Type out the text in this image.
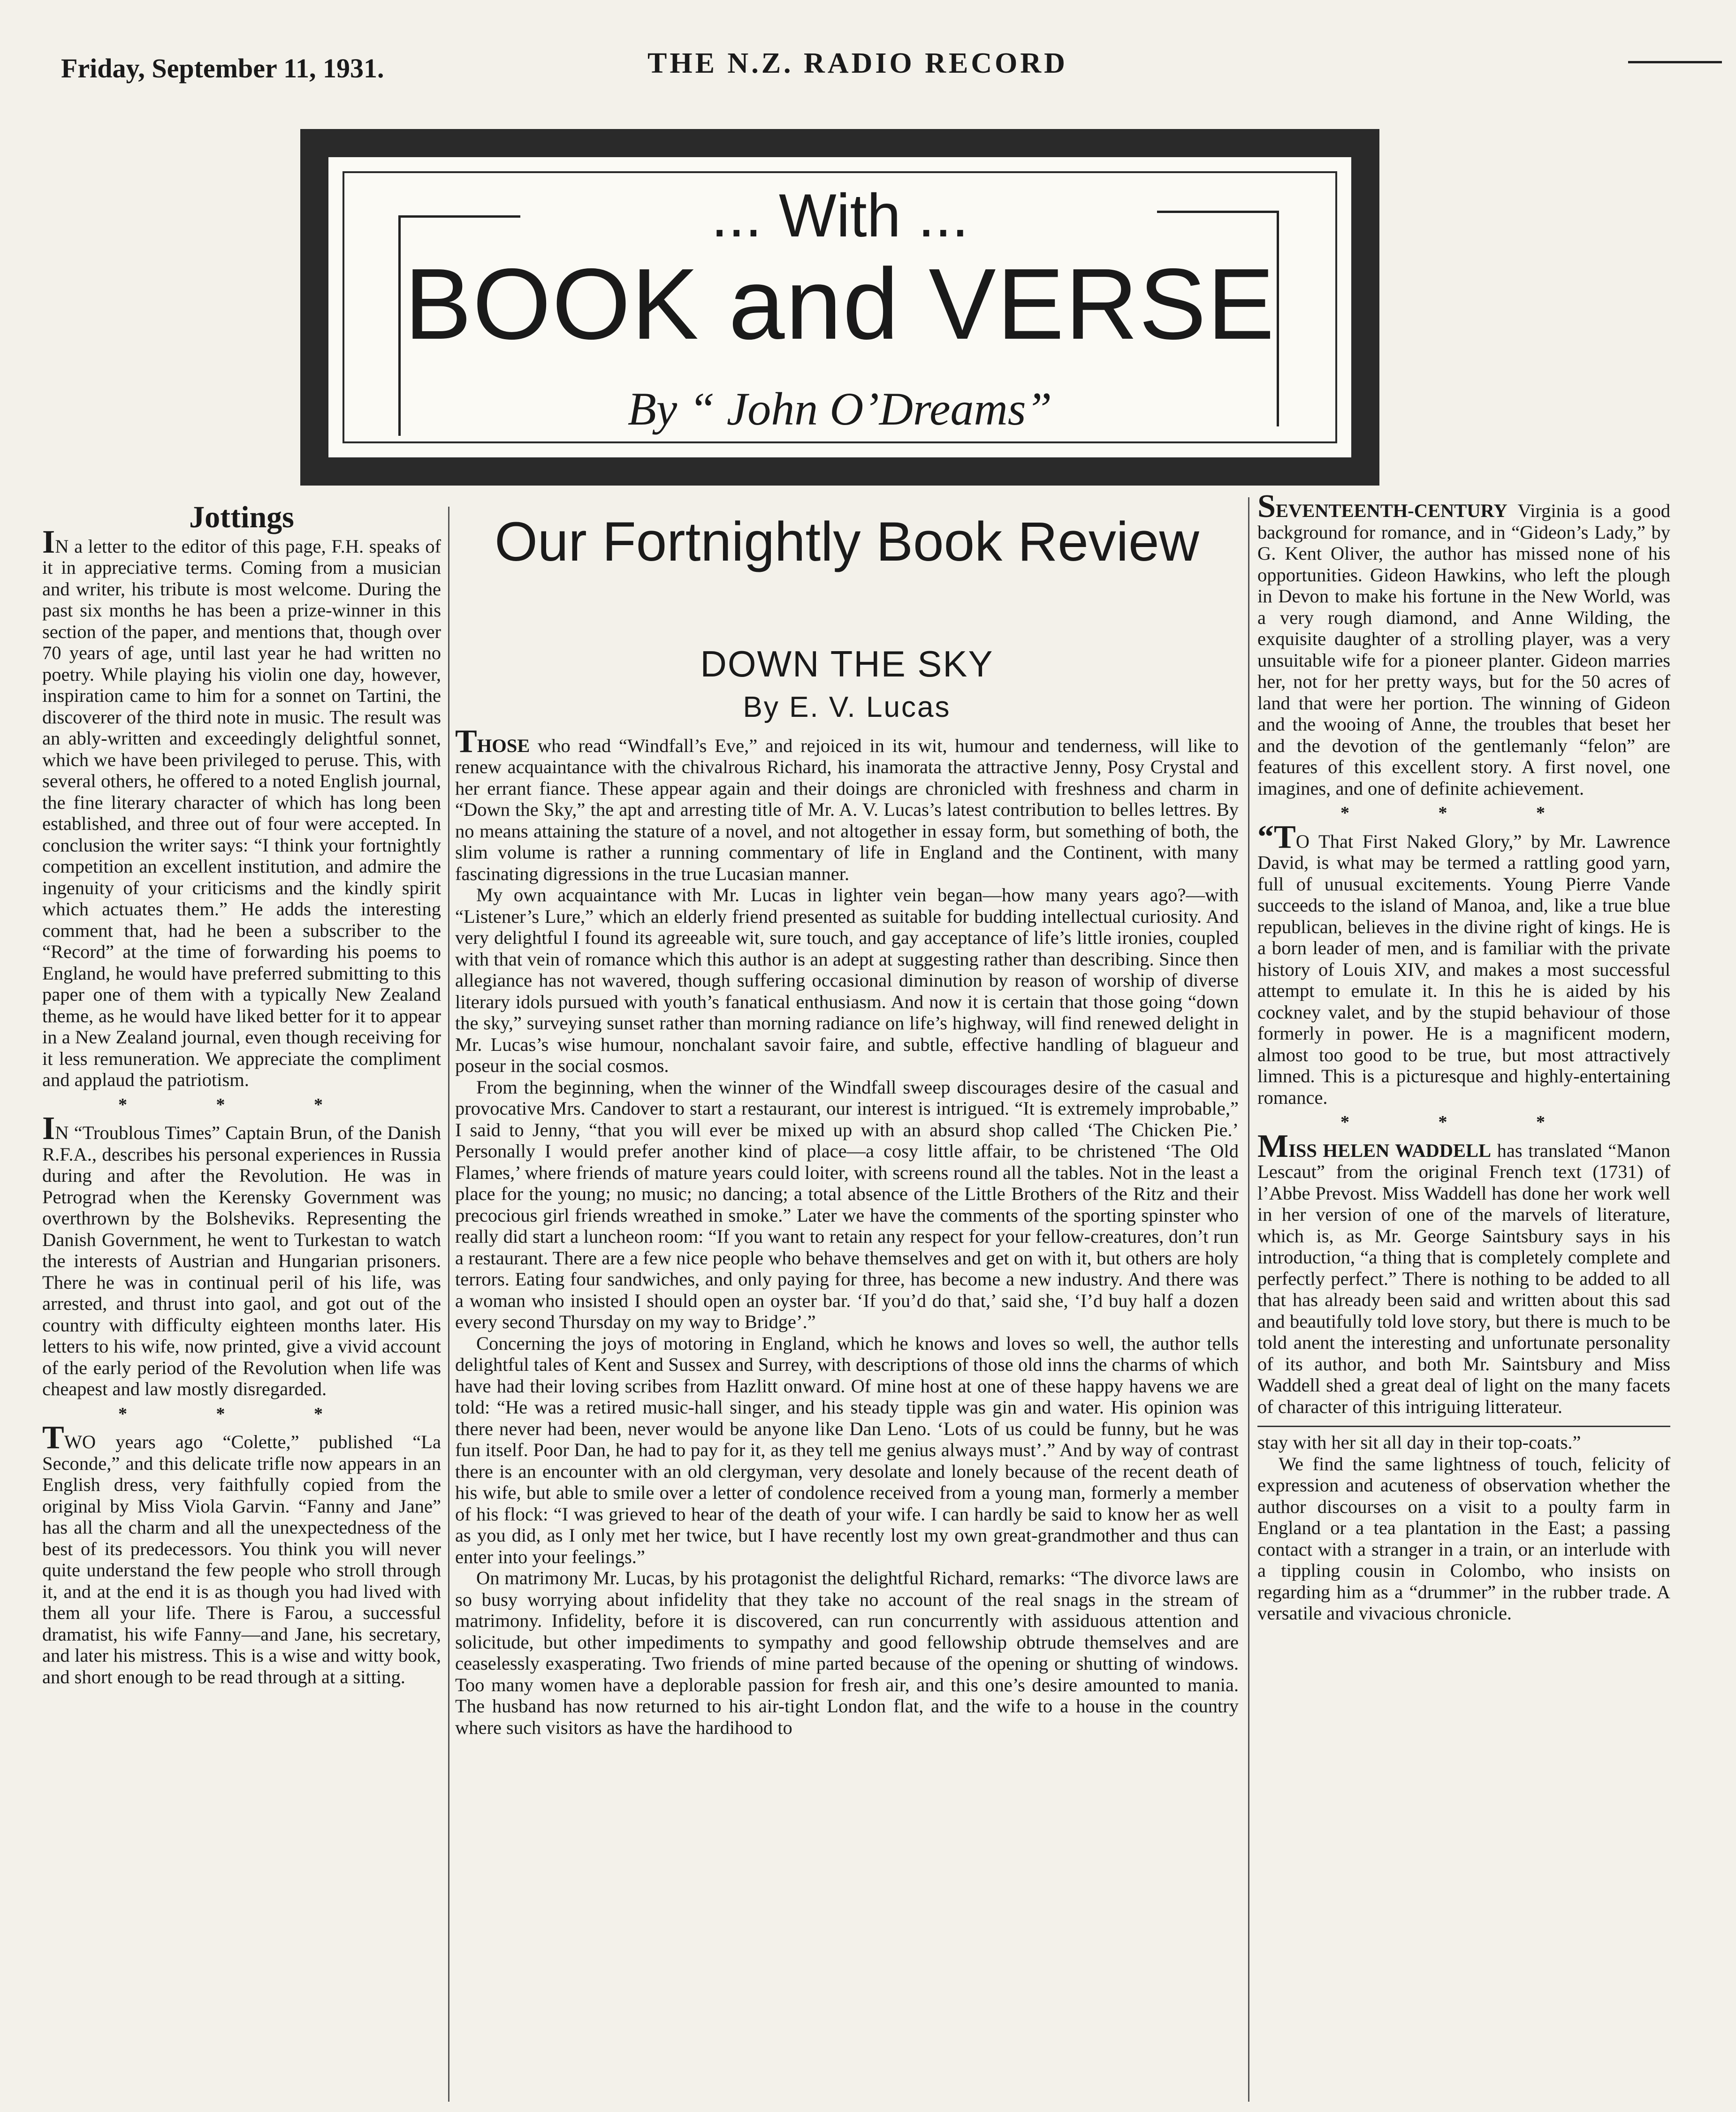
Friday, September 11, 1931.	THE N.Z. RADIO RECORD
... With ...
BOOK and VERSE
By “ John O’Dreams”
Jottings

IN a letter to the editor of this page, F.H. speaks of it in appreciative terms. Coming from a musician and writer, his tribute is most welcome. During the past six months he has been a prize-winner in this section of the paper, and mentions that, though over 70 years of age, until last year he had written no poetry. While playing his violin one day, however, inspiration came to him for a sonnet on Tartini, the discoverer of the third note in music. The result was an ably-written and exceedingly delightful sonnet, which we have been privileged to peruse. This, with several others, he offered to a noted English journal, the fine literary character of which has long been established, and three out of four were accepted. In conclusion the writer says: “I think your fortnightly competition an excellent institution, and admire the ingenuity of your criticisms and the kindly spirit which actuates them.” He adds the interesting comment that, had he been a subscriber to the “Record” at the time of forwarding his poems to England, he would have preferred submitting to this paper one of them with a typically New Zealand theme, as he would have liked better for it to appear in a New Zealand journal, even though receiving for it less remuneration. We appreciate the compliment and applaud the patriotism.

* * *

IN “Troublous Times” Captain Brun, of the Danish R.F.A., describes his personal experiences in Russia during and after the Revolution. He was in Petrograd when the Kerensky Government was overthrown by the Bolsheviks. Representing the Danish Government, he went to Turkestan to watch the interests of Austrian and Hungarian prisoners. There he was in continual peril of his life, was arrested, and thrust into gaol, and got out of the country with difficulty eighteen months later. His letters to his wife, now printed, give a vivid account of the early period of the Revolution when life was cheapest and law mostly disregarded.

* * *

TWO years ago “Colette,” published “La Seconde,” and this delicate trifle now appears in an English dress, very faithfully copied from the original by Miss Viola Garvin. “Fanny and Jane” has all the charm and all the unexpectedness of the best of its predecessors. You think you will never quite understand the few people who stroll through it, and at the end it is as though you had lived with them all your life. There is Farou, a successful dramatist, his wife Fanny—and Jane, his secretary, and later his mistress. This is a wise and witty book, and short enough to be read through at a sitting.

Our Fortnightly Book Review
DOWN THE SKY
By E. V. Lucas

THOSE who read “Windfall’s Eve,” and rejoiced in its wit, humour and tenderness, will like to renew acquaintance with the chivalrous Richard, his inamorata the attractive Jenny, Posy Crystal and her errant fiance. These appear again and their doings are chronicled with freshness and charm in “Down the Sky,” the apt and arresting title of Mr. A. V. Lucas’s latest contribution to belles lettres. By no means attaining the stature of a novel, and not altogether in essay form, but something of both, the slim volume is rather a running commentary of life in England and the Continent, with many fascinating digressions in the true Lucasian manner.

My own acquaintance with Mr. Lucas in lighter vein began—how many years ago?—with “Listener’s Lure,” which an elderly friend presented as suitable for budding intellectual curiosity. And very delightful I found its agreeable wit, sure touch, and gay acceptance of life’s little ironies, coupled with that vein of romance which this author is an adept at suggesting rather than describing. Since then allegiance has not wavered, though suffering occasional diminution by reason of worship of diverse literary idols pursued with youth’s fanatical enthusiasm. And now it is certain that those going “down the sky,” surveying sunset rather than morning radiance on life’s highway, will find renewed delight in Mr. Lucas’s wise humour, nonchalant savoir faire, and subtle, effective handling of blagueur and poseur in the social cosmos.

From the beginning, when the winner of the Windfall sweep discourages desire of the casual and provocative Mrs. Candover to start a restaurant, our interest is intrigued. “It is extremely improbable,” I said to Jenny, “that you will ever be mixed up with an absurd shop called ‘The Chicken Pie.’ Personally I would prefer another kind of place—a cosy little affair, to be christened ‘The Old Flames,’ where friends of mature years could loiter, with screens round all the tables. Not in the least a place for the young; no music; no dancing; a total absence of the Little Brothers of the Ritz and their precocious girl friends wreathed in smoke.” Later we have the comments of the sporting spinster who really did start a luncheon room: “If you want to retain any respect for your fellow-creatures, don’t run a restaurant. There are a few nice people who behave themselves and get on with it, but others are holy terrors. Eating four sandwiches, and only paying for three, has become a new industry. And there was a woman who insisted I should open an oyster bar. ‘If you’d do that,’ said she, ‘I’d buy half a dozen every second Thursday on my way to Bridge’.”

Concerning the joys of motoring in England, which he knows and loves so well, the author tells delightful tales of Kent and Sussex and Surrey, with descriptions of those old inns the charms of which have had their loving scribes from Hazlitt onward. Of mine host at one of these happy havens we are told: “He was a retired music-hall singer, and his steady tipple was gin and water. His opinion was there never had been, never would be anyone like Dan Leno. ‘Lots of us could be funny, but he was fun itself. Poor Dan, he had to pay for it, as they tell me genius always must’.” And by way of contrast there is an encounter with an old clergyman, very desolate and lonely because of the recent death of his wife, but able to smile over a letter of condolence received from a young man, formerly a member of his flock: “I was grieved to hear of the death of your wife. I can hardly be said to know her as well as you did, as I only met her twice, but I have recently lost my own great-grandmother and thus can enter into your feelings.”

On matrimony Mr. Lucas, by his protagonist the delightful Richard, remarks: “The divorce laws are so busy worrying about infidelity that they take no account of the real snags in the stream of matrimony. Infidelity, before it is discovered, can run concurrently with assiduous attention and solicitude, but other impediments to sympathy and good fellowship obtrude themselves and are ceaselessly exasperating. Two friends of mine parted because of the opening or shutting of windows. Too many women have a deplorable passion for fresh air, and this one’s desire amounted to mania. The husband has now returned to his air-tight London flat, and the wife to a house in the country where such visitors as have the hardihood to

SEVENTEENTH-CENTURY Virginia is a good background for romance, and in “Gideon’s Lady,” by G. Kent Oliver, the author has missed none of his opportunities. Gideon Hawkins, who left the plough in Devon to make his fortune in the New World, was a very rough diamond, and Anne Wilding, the exquisite daughter of a strolling player, was a very unsuitable wife for a pioneer planter. Gideon marries her, not for her pretty ways, but for the 50 acres of land that were her portion. The winning of Gideon and the wooing of Anne, the troubles that beset her and the devotion of the gentlemanly “felon” are features of this excellent story. A first novel, one imagines, and one of definite achievement.

* * *

“TO That First Naked Glory,” by Mr. Lawrence David, is what may be termed a rattling good yarn, full of unusual excitements. Young Pierre Vande succeeds to the island of Manoa, and, like a true blue republican, believes in the divine right of kings. He is a born leader of men, and is familiar with the private history of Louis XIV, and makes a most successful attempt to emulate it. In this he is aided by his cockney valet, and by the stupid behaviour of those formerly in power. He is a magnificent modern, almost too good to be true, but most attractively limned. This is a picturesque and highly-entertaining romance.

* * *

MISS HELEN WADDELL has translated “Manon Lescaut” from the original French text (1731) of l’Abbe Prevost. Miss Waddell has done her work well in her version of one of the marvels of literature, which is, as Mr. George Saintsbury says in his introduction, “a thing that is completely complete and perfectly perfect.” There is nothing to be added to all that has already been said and written about this sad and beautifully told love story, but there is much to be told anent the interesting and unfortunate personality of its author, and both Mr. Saintsbury and Miss Waddell shed a great deal of light on the many facets of character of this intriguing litterateur.

stay with her sit all day in their top-coats.”

We find the same lightness of touch, felicity of expression and acuteness of observation whether the author discourses on a visit to a poulty farm in England or a tea plantation in the East; a passing contact with a stranger in a train, or an interlude with a tippling cousin in Colombo, who insists on regarding him as a “drummer” in the rubber trade. A versatile and vivacious chronicle.
